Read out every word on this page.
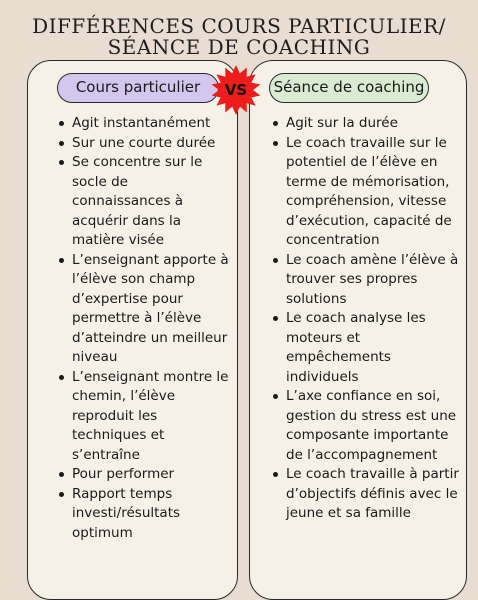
DIFFÉRENCES COURS PARTICULIER/
SÉANCE DE COACHING
Cours particulier	Séance de coaching
VS
Agit instantanément
Sur une courte durée
Se concentre sur le socle de connaissances à acquérir dans la matière visée
L’enseignant apporte à l’élève son champ d’expertise pour permettre à l’élève d’atteindre un meilleur niveau
L’enseignant montre le chemin, l’élève reproduit les techniques et s’entraîne
Pour performer
Rapport temps investi/résultats optimum
Agit sur la durée
Le coach travaille sur le potentiel de l’élève en terme de mémorisation, compréhension, vitesse d’exécution, capacité de concentration
Le coach amène l’élève à trouver ses propres solutions
Le coach analyse les moteurs et empêchements individuels
L’axe confiance en soi, gestion du stress est une composante importante de l’accompagnement
Le coach travaille à partir d’objectifs définis avec le jeune et sa famille
